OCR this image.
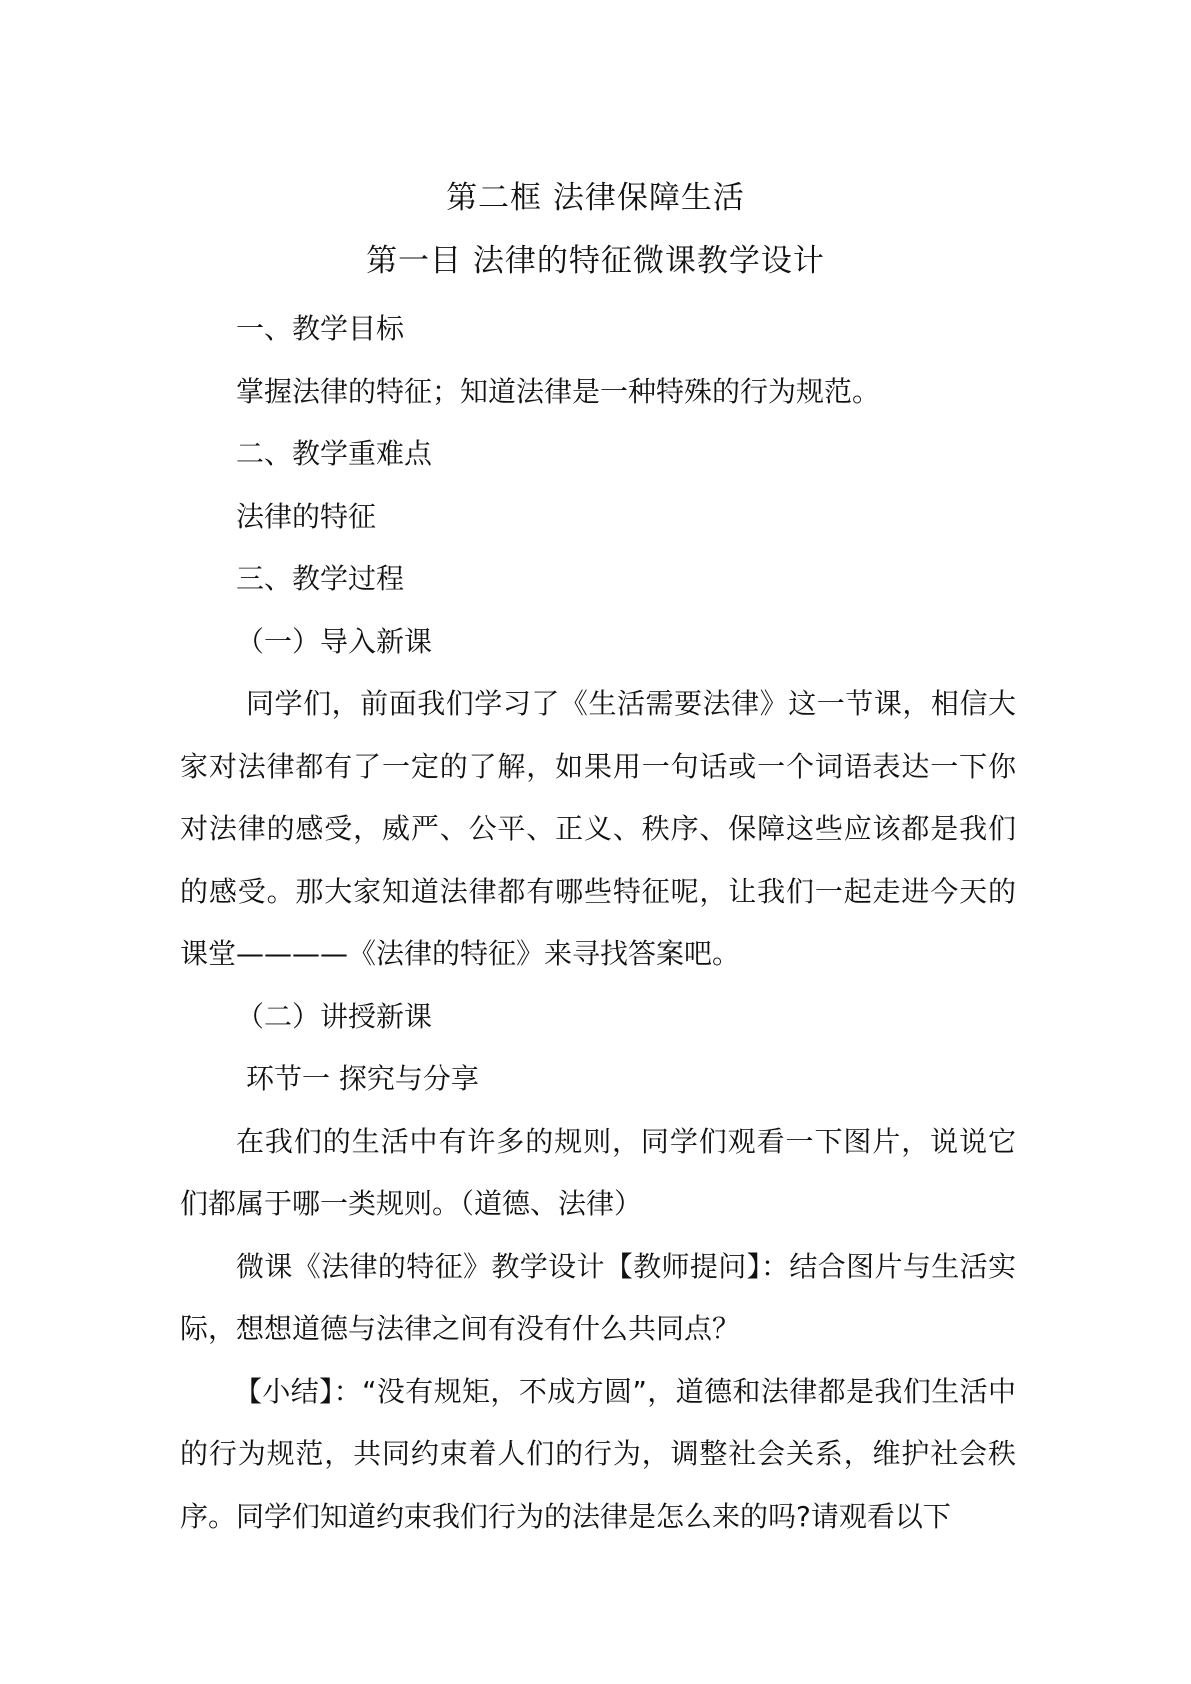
第二框 法律保障生活
第一目 法律的特征微课教学设计

一、教学目标

掌握法律的特征；知道法律是一种特殊的行为规范。

二、教学重难点

法律的特征

三、教学过程

（一）导入新课

同学们，前面我们学习了《生活需要法律》这一节课，相信大家对法律都有了一定的了解，如果用一句话或一个词语表达一下你对法律的感受，威严、公平、正义、秩序、保障这些应该都是我们的感受。那大家知道法律都有哪些特征呢，让我们一起走进今天的课堂————《法律的特征》来寻找答案吧。

（二）讲授新课

环节一 探究与分享

在我们的生活中有许多的规则，同学们观看一下图片，说说它们都属于哪一类规则。（道德、法律）

微课《法律的特征》教学设计【教师提问】：结合图片与生活实际，想想道德与法律之间有没有什么共同点？

【小结】：“没有规矩，不成方圆”，道德和法律都是我们生活中的行为规范，共同约束着人们的行为，调整社会关系，维护社会秩序。同学们知道约束我们行为的法律是怎么来的吗?请观看以下
